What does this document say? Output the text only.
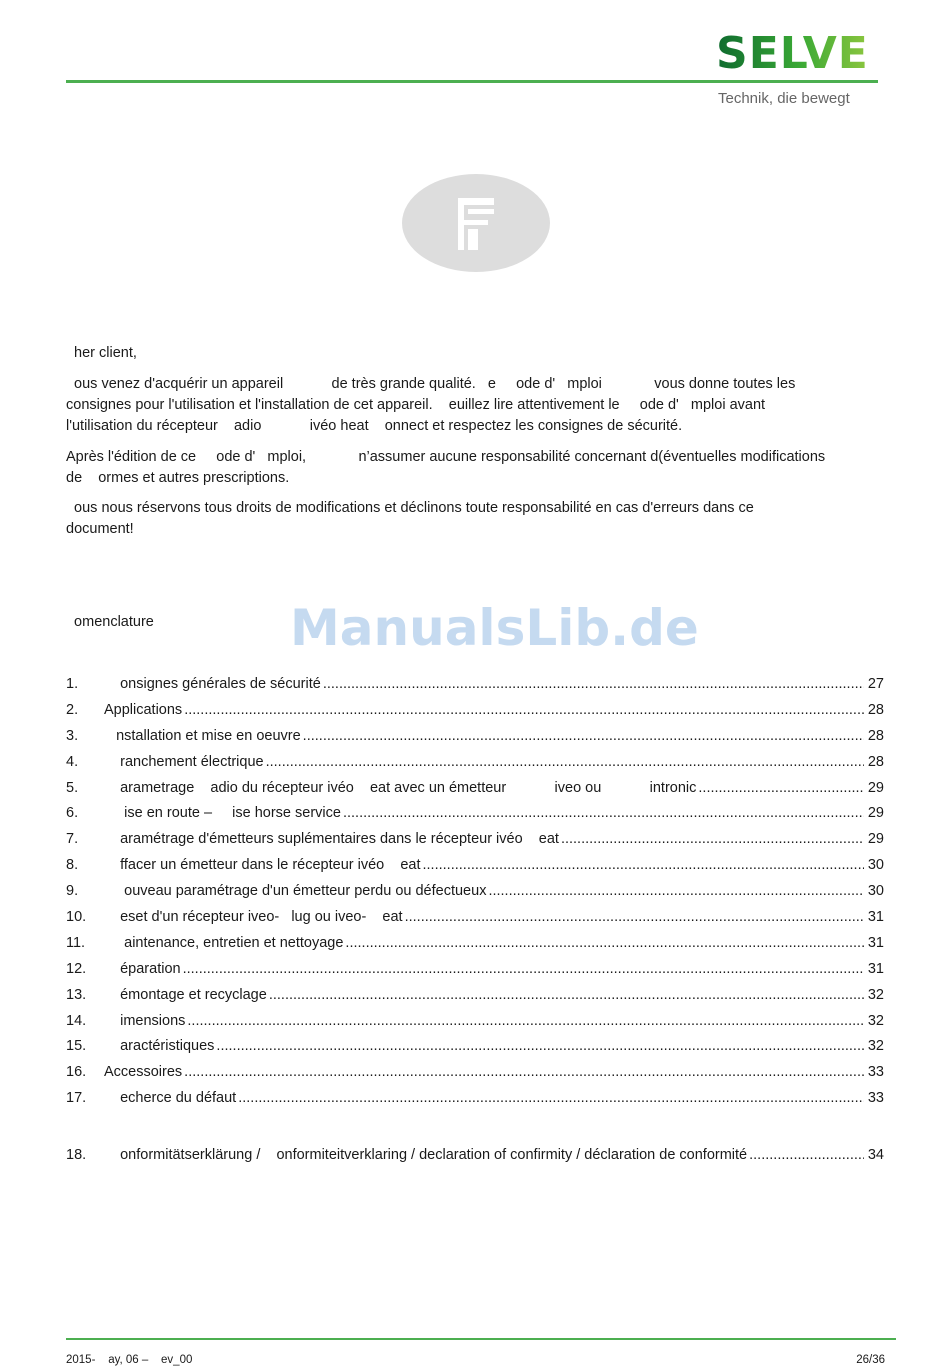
SELVE
Technik, die bewegt
her client,
ous venez d'acquérir un appareil            de très grande qualité.   e     ode d'   mploi             vous donne toutes les
consignes pour l'utilisation et l'installation de cet appareil.    euillez lire attentivement le     ode d'   mploi avant
l'utilisation du récepteur    adio            ivéo heat    onnect et respectez les consignes de sécurité.
Après l'édition de ce     ode d'   mploi,             n’assumer aucune responsabilité concernant d(éventuelles modifications
de    ormes et autres prescriptions.
ous nous réservons tous droits de modifications et déclinons toute responsabilité en cas d'erreurs dans ce
document!
omenclature	ManualsLib.de
1.	onsignes générales de sécurité .....	27
2.	Applications .....	28
3.	nstallation et mise en oeuvre .....	28
4.	ranchement électrique .....	28
5.	arametrage    adio du récepteur ivéo    eat avec un émetteur            iveo ou            intronic .....	29
6.	ise en route –     ise horse service .....	29
7.	aramétrage d'émetteurs suplémentaires dans le récepteur ivéo    eat .....	29
8.	ffacer un émetteur dans le récepteur ivéo    eat .....	30
9.	ouveau paramétrage d'un émetteur perdu ou défectueux .....	30
10.	eset d'un récepteur iveo-   lug ou iveo-    eat .....	31
11.	aintenance, entretien et nettoyage .....	31
12.	éparation .....	31
13.	émontage et recyclage .....	32
14.	imensions .....	32
15.	aractéristiques .....	32
16.	Accessoires .....	33
17.	echerce du défaut .....	33
18.	onformitätserklärung /    onformiteitverklaring / declaration of confirmity / déclaration de conformité .....	34
2015-    ay, 06 –    ev_00	26/36
